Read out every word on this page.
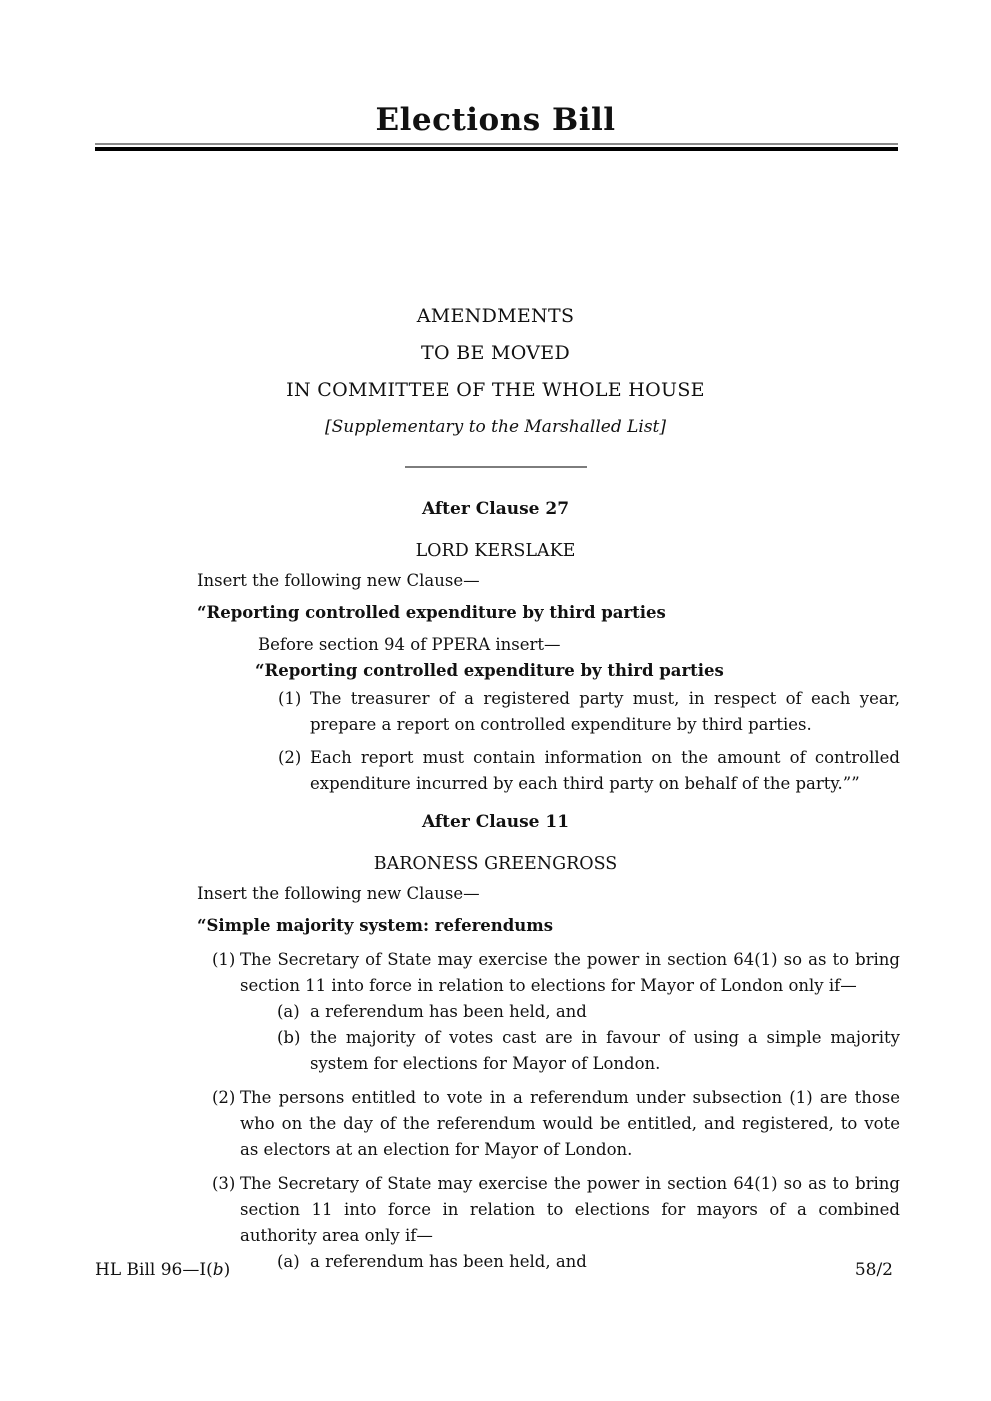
Elections Bill
AMENDMENTS
TO BE MOVED
IN COMMITTEE OF THE WHOLE HOUSE
[Supplementary to the Marshalled List]
After Clause 27
LORD KERSLAKE
Insert the following new Clause—
“Reporting controlled expenditure by third parties
Before section 94 of PPERA insert—
“Reporting controlled expenditure by third parties
(1) The treasurer of a registered party must, in respect of each year, prepare a report on controlled expenditure by third parties.
(2) Each report must contain information on the amount of controlled expenditure incurred by each third party on behalf of the party.””
After Clause 11
BARONESS GREENGROSS
Insert the following new Clause—
“Simple majority system: referendums
(1) The Secretary of State may exercise the power in section 64(1) so as to bring section 11 into force in relation to elections for Mayor of London only if—
(a) a referendum has been held, and
(b) the majority of votes cast are in favour of using a simple majority system for elections for Mayor of London.
(2) The persons entitled to vote in a referendum under subsection (1) are those who on the day of the referendum would be entitled, and registered, to vote as electors at an election for Mayor of London.
(3) The Secretary of State may exercise the power in section 64(1) so as to bring section 11 into force in relation to elections for mayors of a combined authority area only if—
(a) a referendum has been held, and
HL Bill 96—I(b)	58/2
